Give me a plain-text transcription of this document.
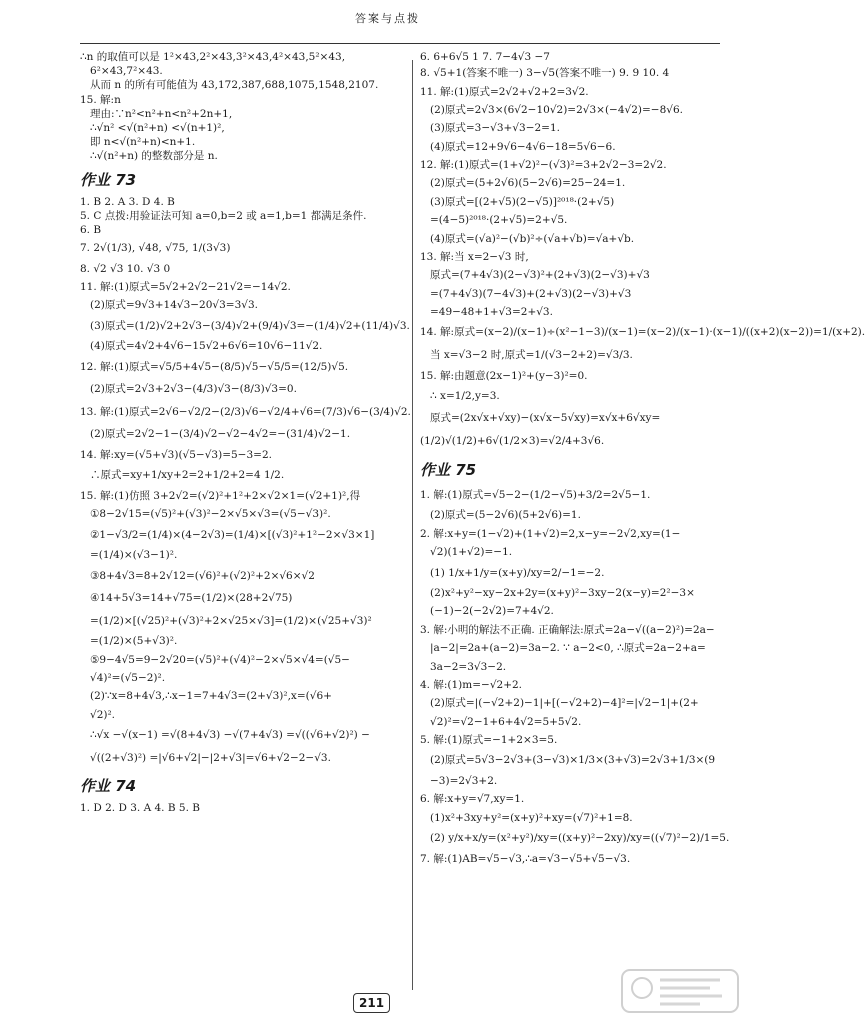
答案与点拨
∴n 的取值可以是 1²×43,2²×43,3²×43,4²×43,5²×43,
6²×43,7²×43.
从而 n 的所有可能值为 43,172,387,688,1075,1548,2107.
15. 解:n
理由:∵n²<n²+n<n²+2n+1,
∴√n² <√(n²+n) <√(n+1)²,
即 n<√(n²+n)<n+1.
∴√(n²+n) 的整数部分是 n.
作业 73
1. B 2. A 3. D 4. B
5. C 点拨:用验证法可知 a=0,b=2 或 a=1,b=1 都满足条件.
6. B
7. 2√(1/3), √48, √75, 1/(3√3)
8. √2 √3 10. √3 0
11. 解:(1)原式=5√2+2√2−21√2=−14√2.
(2)原式=9√3+14√3−20√3=3√3.
(3)原式=(1/2)√2+2√3−(3/4)√2+(9/4)√3=−(1/4)√2+(11/4)√3.
(4)原式=4√2+4√6−15√2+6√6=10√6−11√2.
12. 解:(1)原式=√5/5+4√5−(8/5)√5−√5/5=(12/5)√5.
(2)原式=2√3+2√3−(4/3)√3−(8/3)√3=0.
13. 解:(1)原式=2√6−√2/2−(2/3)√6−√2/4+√6=(7/3)√6−(3/4)√2.
(2)原式=2√2−1−(3/4)√2−√2−4√2=−(31/4)√2−1.
14. 解:xy=(√5+√3)(√5−√3)=5−3=2.
∴原式=xy+1/xy+2=2+1/2+2=4 1/2.
15. 解:(1)仿照 3+2√2=(√2)²+1²+2×√2×1=(√2+1)²,得
①8−2√15=(√5)²+(√3)²−2×√5×√3=(√5−√3)².
②1−√3/2=(1/4)×(4−2√3)=(1/4)×[(√3)²+1²−2×√3×1]
=(1/4)×(√3−1)².
③8+4√3=8+2√12=(√6)²+(√2)²+2×√6×√2
④14+5√3=14+√75=(1/2)×(28+2√75)
=(1/2)×[(√25)²+(√3)²+2×√25×√3]=(1/2)×(√25+√3)²
=(1/2)×(5+√3)².
⑤9−4√5=9−2√20=(√5)²+(√4)²−2×√5×√4=(√5−
√4)²=(√5−2)².
(2)∵x=8+4√3,∴x−1=7+4√3=(2+√3)²,x=(√6+
√2)².
∴√x −√(x−1) =√(8+4√3) −√(7+4√3) =√((√6+√2)²) −
√((2+√3)²) =|√6+√2|−|2+√3|=√6+√2−2−√3.
作业 74
1. D 2. D 3. A 4. B 5. B
6. 6+6√5 1 7. 7−4√3 −7
8. √5+1(答案不唯一) 3−√5(答案不唯一) 9. 9 10. 4
11. 解:(1)原式=2√2+√2+2=3√2.
(2)原式=2√3×(6√2−10√2)=2√3×(−4√2)=−8√6.
(3)原式=3−√3+√3−2=1.
(4)原式=12+9√6−4√6−18=5√6−6.
12. 解:(1)原式=(1+√2)²−(√3)²=3+2√2−3=2√2.
(2)原式=(5+2√6)(5−2√6)=25−24=1.
(3)原式=[(2+√5)(2−√5)]²⁰¹⁸·(2+√5)
=(4−5)²⁰¹⁸·(2+√5)=2+√5.
(4)原式=(√a)²−(√b)²÷(√a+√b)=√a+√b.
13. 解:当 x=2−√3 时,
原式=(7+4√3)(2−√3)²+(2+√3)(2−√3)+√3
=(7+4√3)(7−4√3)+(2+√3)(2−√3)+√3
=49−48+1+√3=2+√3.
14. 解:原式=(x−2)/(x−1)÷(x²−1−3)/(x−1)=(x−2)/(x−1)·(x−1)/((x+2)(x−2))=1/(x+2).
当 x=√3−2 时,原式=1/(√3−2+2)=√3/3.
15. 解:由题意(2x−1)²+(y−3)²=0.
∴ x=1/2,y=3.
原式=(2x√x+√xy)−(x√x−5√xy)=x√x+6√xy=
(1/2)√(1/2)+6√(1/2×3)=√2/4+3√6.
作业 75
1. 解:(1)原式=√5−2−(1/2−√5)+3/2=2√5−1.
(2)原式=(5−2√6)(5+2√6)=1.
2. 解:x+y=(1−√2)+(1+√2)=2,x−y=−2√2,xy=(1−
√2)(1+√2)=−1.
(1) 1/x+1/y=(x+y)/xy=2/−1=−2.
(2)x²+y²−xy−2x+2y=(x+y)²−3xy−2(x−y)=2²−3×
(−1)−2(−2√2)=7+4√2.
3. 解:小明的解法不正确. 正确解法:原式=2a−√((a−2)²)=2a−
|a−2|=2a+(a−2)=3a−2. ∵ a−2<0, ∴原式=2a−2+a=
3a−2=3√3−2.
4. 解:(1)m=−√2+2.
(2)原式=|(−√2+2)−1|+[(−√2+2)−4]²=|√2−1|+(2+
√2)²=√2−1+6+4√2=5+5√2.
5. 解:(1)原式=−1+2×3=5.
(2)原式=5√3−2√3+(3−√3)×1/3×(3+√3)=2√3+1/3×(9
−3)=2√3+2.
6. 解:x+y=√7,xy=1.
(1)x²+3xy+y²=(x+y)²+xy=(√7)²+1=8.
(2) y/x+x/y=(x²+y²)/xy=((x+y)²−2xy)/xy=((√7)²−2)/1=5.
7. 解:(1)AB=√5−√3,∴a=√3−√5+√5−√3.
211
